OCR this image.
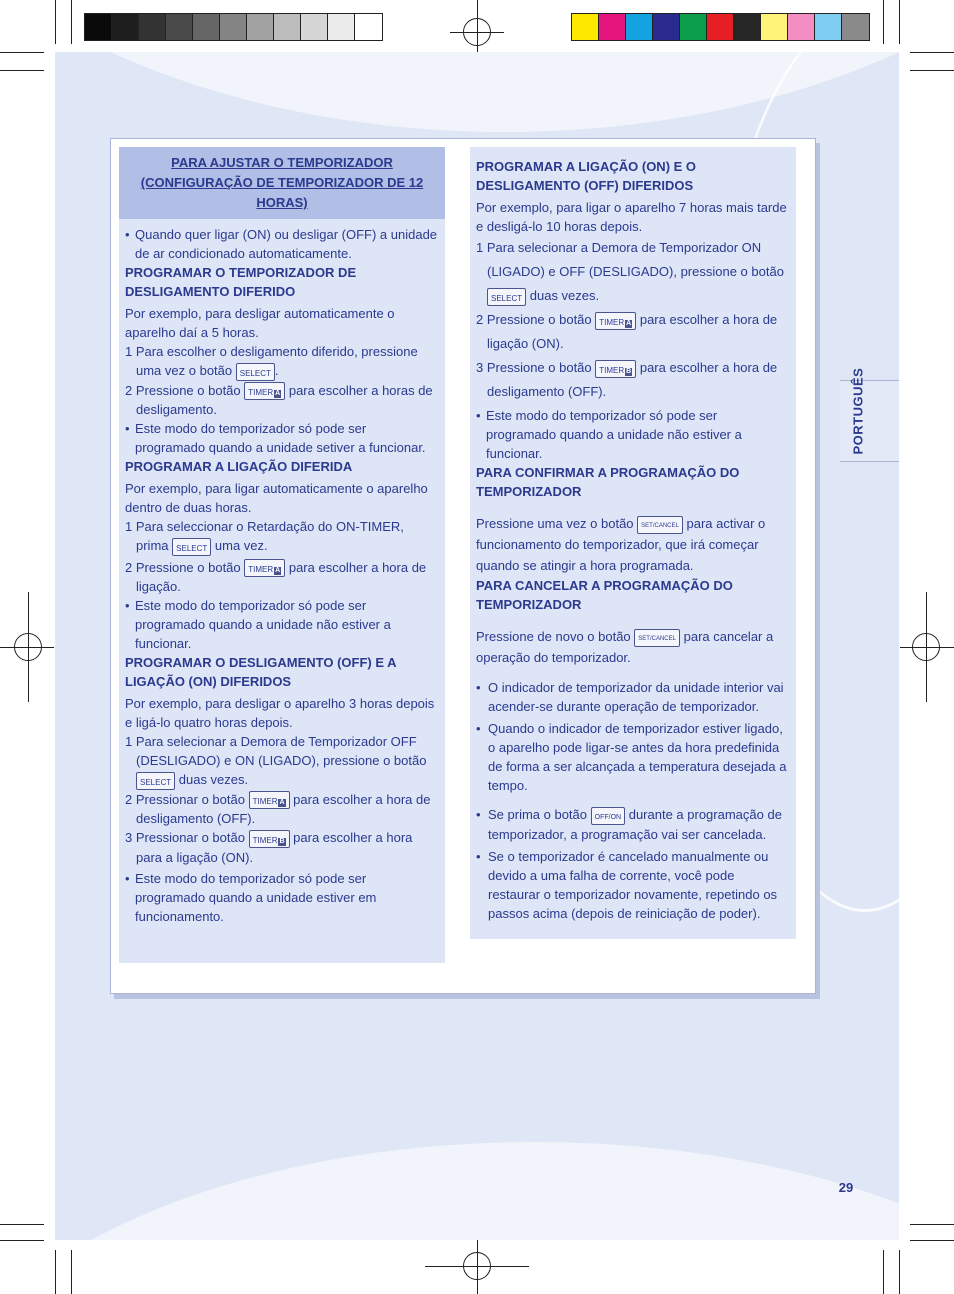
PORTUGUÊS
PARA AJUSTAR O TEMPORIZADOR
(CONFIGURAÇÃO DE TEMPORIZADOR DE 12 HORAS)

• Quando quer ligar (ON) ou desligar (OFF) a unidade de ar condicionado automaticamente.

PROGRAMAR O TEMPORIZADOR DE DESLIGAMENTO DIFERIDO

Por exemplo, para desligar automaticamente o aparelho daí a 5 horas.

1 Para escolher o desligamento diferido, pressione uma vez o botão SELECT .

2 Pressione o botão TIMER A para escolher a horas de desligamento.

• Este modo do temporizador só pode ser programado quando a unidade setiver a funcionar.

PROGRAMAR A LIGAÇÃO DIFERIDA

Por exemplo, para ligar automaticamente o aparelho dentro de duas horas.

1 Para seleccionar o Retardação do ON-TIMER, prima SELECT uma vez.

2 Pressione o botão TIMER A para escolher a hora de ligação.

• Este modo do temporizador só pode ser programado quando a unidade não estiver a funcionar.

PROGRAMAR O DESLIGAMENTO (OFF) E A LIGAÇÃO (ON) DIFERIDOS

Por exemplo, para desligar o aparelho 3 horas depois e ligá-lo quatro horas depois.

1 Para selecionar a Demora de Temporizador OFF (DESLIGADO) e ON (LIGADO), pressione o botão SELECT duas vezes.

2 Pressionar o botão TIMER A para escolher a hora de desligamento (OFF).

3 Pressionar o botão TIMER B para escolher a hora para a ligação (ON).

• Este modo do temporizador só pode ser programado quando a unidade estiver em funcionamento.

PROGRAMAR A LIGAÇÃO (ON) E O DESLIGAMENTO (OFF) DIFERIDOS

Por exemplo, para ligar o aparelho 7 horas mais tarde e desligá-lo 10 horas depois.

1 Para selecionar a Demora de Temporizador ON (LIGADO) e OFF (DESLIGADO), pressione o botão SELECT duas vezes.

2 Pressione o botão TIMER A para escolher a hora de ligação (ON).

3 Pressione o botão TIMER B para escolher a hora de desligamento (OFF).

• Este modo do temporizador só pode ser programado quando a unidade não estiver a funcionar.

PARA CONFIRMAR A PROGRAMAÇÃO DO TEMPORIZADOR

Pressione uma vez o botão SET/CANCEL para activar o funcionamento do temporizador, que irá começar quando se atingir a hora programada.

PARA CANCELAR A PROGRAMAÇÃO DO TEMPORIZADOR

Pressione de novo o botão SET/CANCEL para cancelar a operação do temporizador.

• O indicador de temporizador da unidade interior vai acender-se durante operação de temporizador.

• Quando o indicador de temporizador estiver ligado, o aparelho pode ligar-se antes da hora predefinida de forma a ser alcançada a temperatura desejada a tempo.

• Se prima o botão OFF/ON durante a programação de temporizador, a programação vai ser cancelada.

• Se o temporizador é cancelado manualmente ou devido a uma falha de corrente, você pode restaurar o temporizador novamente, repetindo os passos acima (depois de reiniciação de poder).

29
